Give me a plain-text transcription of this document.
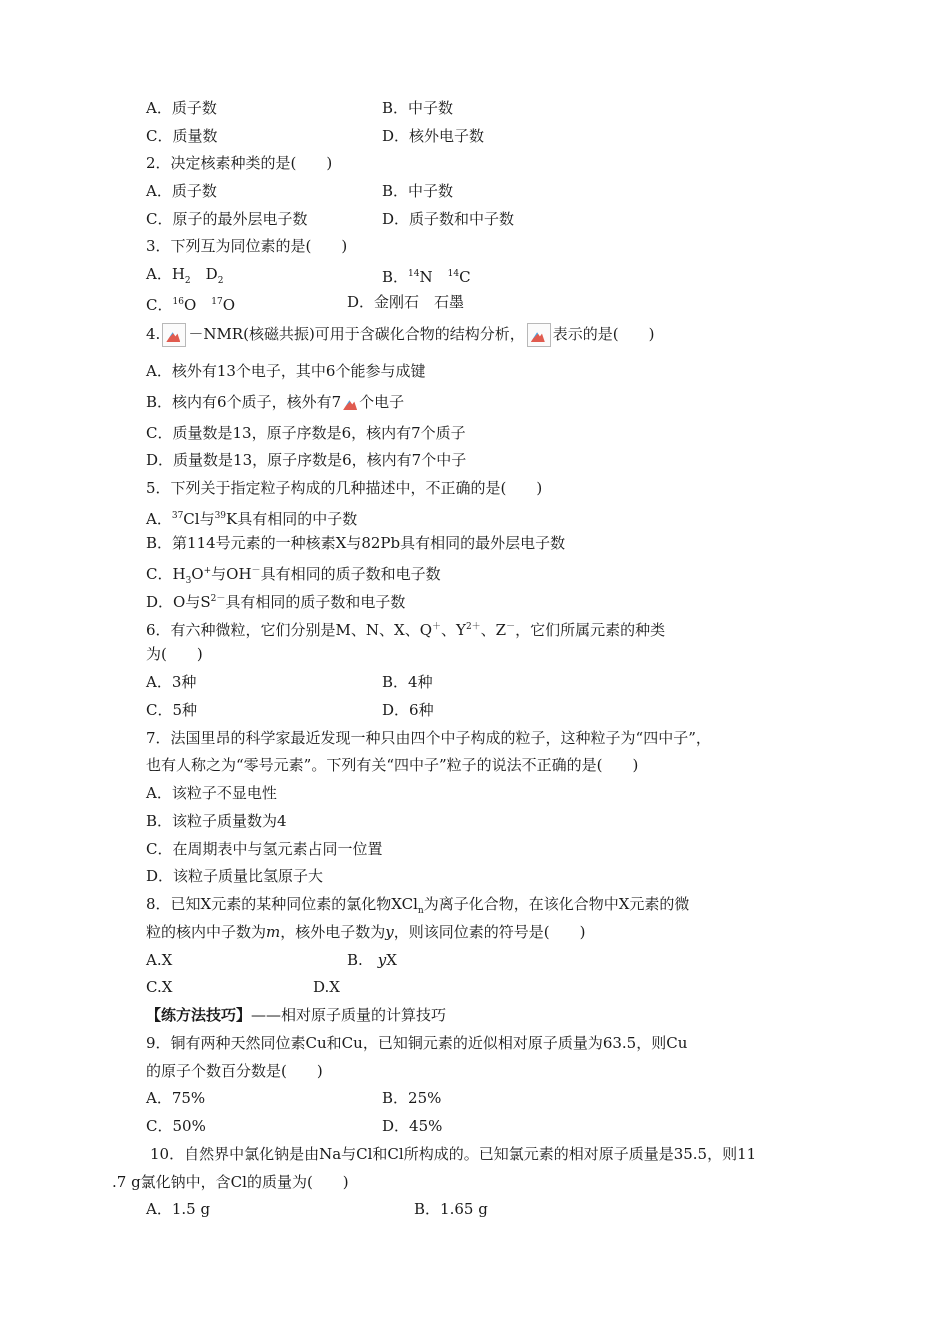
A．质子数	B．中子数
C．质量数	D．核外电子数
2．决定核素种类的是(　　)
A．质子数	B．中子数
C．原子的最外层电子数	D．质子数和中子数
3．下列互为同位素的是(　　)
A．$H_2$　$D_2$	B．$^{14}$N　$^{14}$C
C．$^{16}$O　$^{17}$O	D．金刚石　石墨
4. －NMR(核磁共振)可用于含碳化合物的结构分析， 表示的是(　　)
A．核外有13个电子，其中6个能参与成键
B．核内有6个质子，核外有7 个电子
C．质量数是13，原子序数是6，核内有7个质子
D．质量数是13，原子序数是6，核内有7个中子
5．下列关于指定粒子构成的几种描述中，不正确的是(　　)
A．$^{37}$Cl与$^{39}$K具有相同的中子数
B．第114号元素的一种核素X与82Pb具有相同的最外层电子数
C．$H_3O^+$与OH－具有相同的质子数和电子数
D．O与$S^{2-}$具有相同的质子数和电子数
6．有六种微粒，它们分别是M、N、X、Q＋、$Y^{2+}$、Z－，它们所属元素的种类
为(　　)
A．3种	B．4种
C．5种	D．6种
7．法国里昂的科学家最近发现一种只由四个中子构成的粒子，这种粒子为“四中子”，
也有人称之为“零号元素”。下列有关“四中子”粒子的说法不正确的是(　　)
A．该粒子不显电性
B．该粒子质量数为4
C．在周期表中与氢元素占同一位置
D．该粒子质量比氢原子大
8．已知X元素的某种同位素的氯化物XCl$_n$为离子化合物，在该化合物中X元素的微
粒的核内中子数为m，核外电子数为y，则该同位素的符号是(　　)
A.X	B.　yX
C.X	D.X
【练方法技巧】——相对原子质量的计算技巧
9．铜有两种天然同位素Cu和Cu，已知铜元素的近似相对原子质量为63.5，则Cu
的原子个数百分数是(　　)
A．75%	B．25%
C．50%	D．45%
10．自然界中氯化钠是由Na与Cl和Cl所构成的。已知氯元素的相对原子质量是35.5，则11
.7 g氯化钠中，含Cl的质量为(　　)
A．1.5 g	B．1.65 g
